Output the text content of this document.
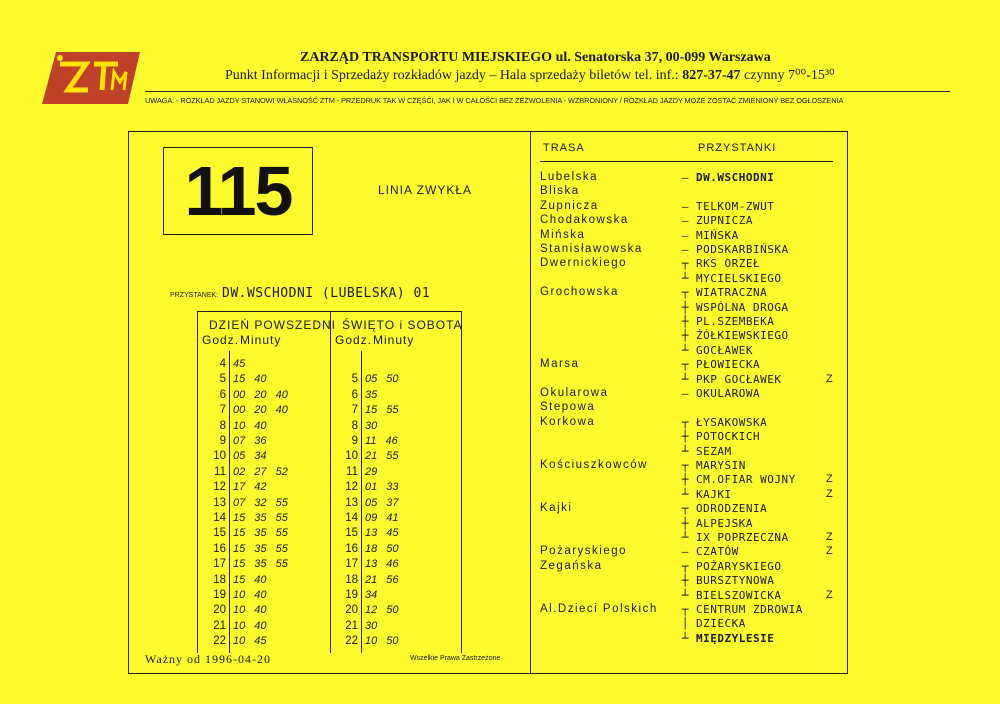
ZARZĄD TRANSPORTU MIEJSKIEGO ul. Senatorska 37, 00-099 Warszawa
Punkt Informacji i Sprzedaży rozkładów jazdy – Hala sprzedaży biletów tel. inf.: 827-37-47 czynny 7⁰⁰-15³⁰
UWAGA: - ROZKŁAD JAZDY STANOWI WŁASNOŚĆ ZTM - PRZEDRUK TAK W CZĘŚCI, JAK I W CAŁOŚCI BEZ ZEZWOLENIA - WZBRONIONY / ROZKŁAD JAZDY MOŻE ZOSTAĆ ZMIENIONY BEZ OGŁOSZENIA
115	LINIA ZWYKŁA
PRZYSTANEK: DW.WSCHODNI (LUBELSKA) 01
DZIEŃ POWSZEDNI
Godz. Minuty
ŚWIĘTO i SOBOTA
Godz. Minuty
4 45
5 15 40
6 00 20 40
7 00 20 40
8 10 40
9 07 36
10 05 34
11 02 27 52
12 17 42
13 07 32 55
14 15 35 55
15 15 35 55
16 15 35 55
17 15 35 55
18 15 40
19 10 40
20 10 40
21 10 40
22 10 45
5 05 50
6 35
7 15 55
8 30
9 11 46
10 21 55
11 29
12 01 33
13 05 37
14 09 41
15 13 45
16 18 50
17 13 46
18 21 56
19 34
20 12 50
21 30
22 10 50
Ważny od 1996-04-20	Wszelkie Prawa Zastrzeżone
TRASA	PRZYSTANKI
Lubelska	– DW.WSCHODNI
Bliska
Zupnicza	– TELKOM-ZWUT
Chodakowska	– ZUPNICZA
Mińska	– MIŃSKA
Stanisławowska	– PODSKARBIŃSKA
Dwernickiego	┬ RKS ORZEŁ
┴ MYCIELSKIEGO
Grochowska	┬ WIATRACZNA
┼ WSPÓLNA DROGA
┼ PL.SZEMBEKA
┼ ŻÓŁKIEWSKIEGO
┴ GOCŁAWEK
Marsa	┬ PŁOWIECKA
┴ PKP GOCŁAWEK	Z
Okularowa	– OKULAROWA
Stepowa
Korkowa	┬ ŁYSAKOWSKA
┼ POTOCKICH
┴ SEZAM
Kościuszkowców	┬ MARYSIN
┼ CM.OFIAR WOJNY	Z
┴ KAJKI	Z
Kajki	┬ ODRODZENIA
┼ ALPEJSKA
┴ IX POPRZECZNA	Z
Pożaryskiego	– CZATÓW	Z
Zegańska	┬ POŻARYSKIEGO
┼ BURSZTYNOWA
┴ BIELSZOWICKA	Z
Al.Dzieci Polskich ┬ CENTRUM ZDROWIA
│ DZIECKA
┴ MIĘDZYLESIE
